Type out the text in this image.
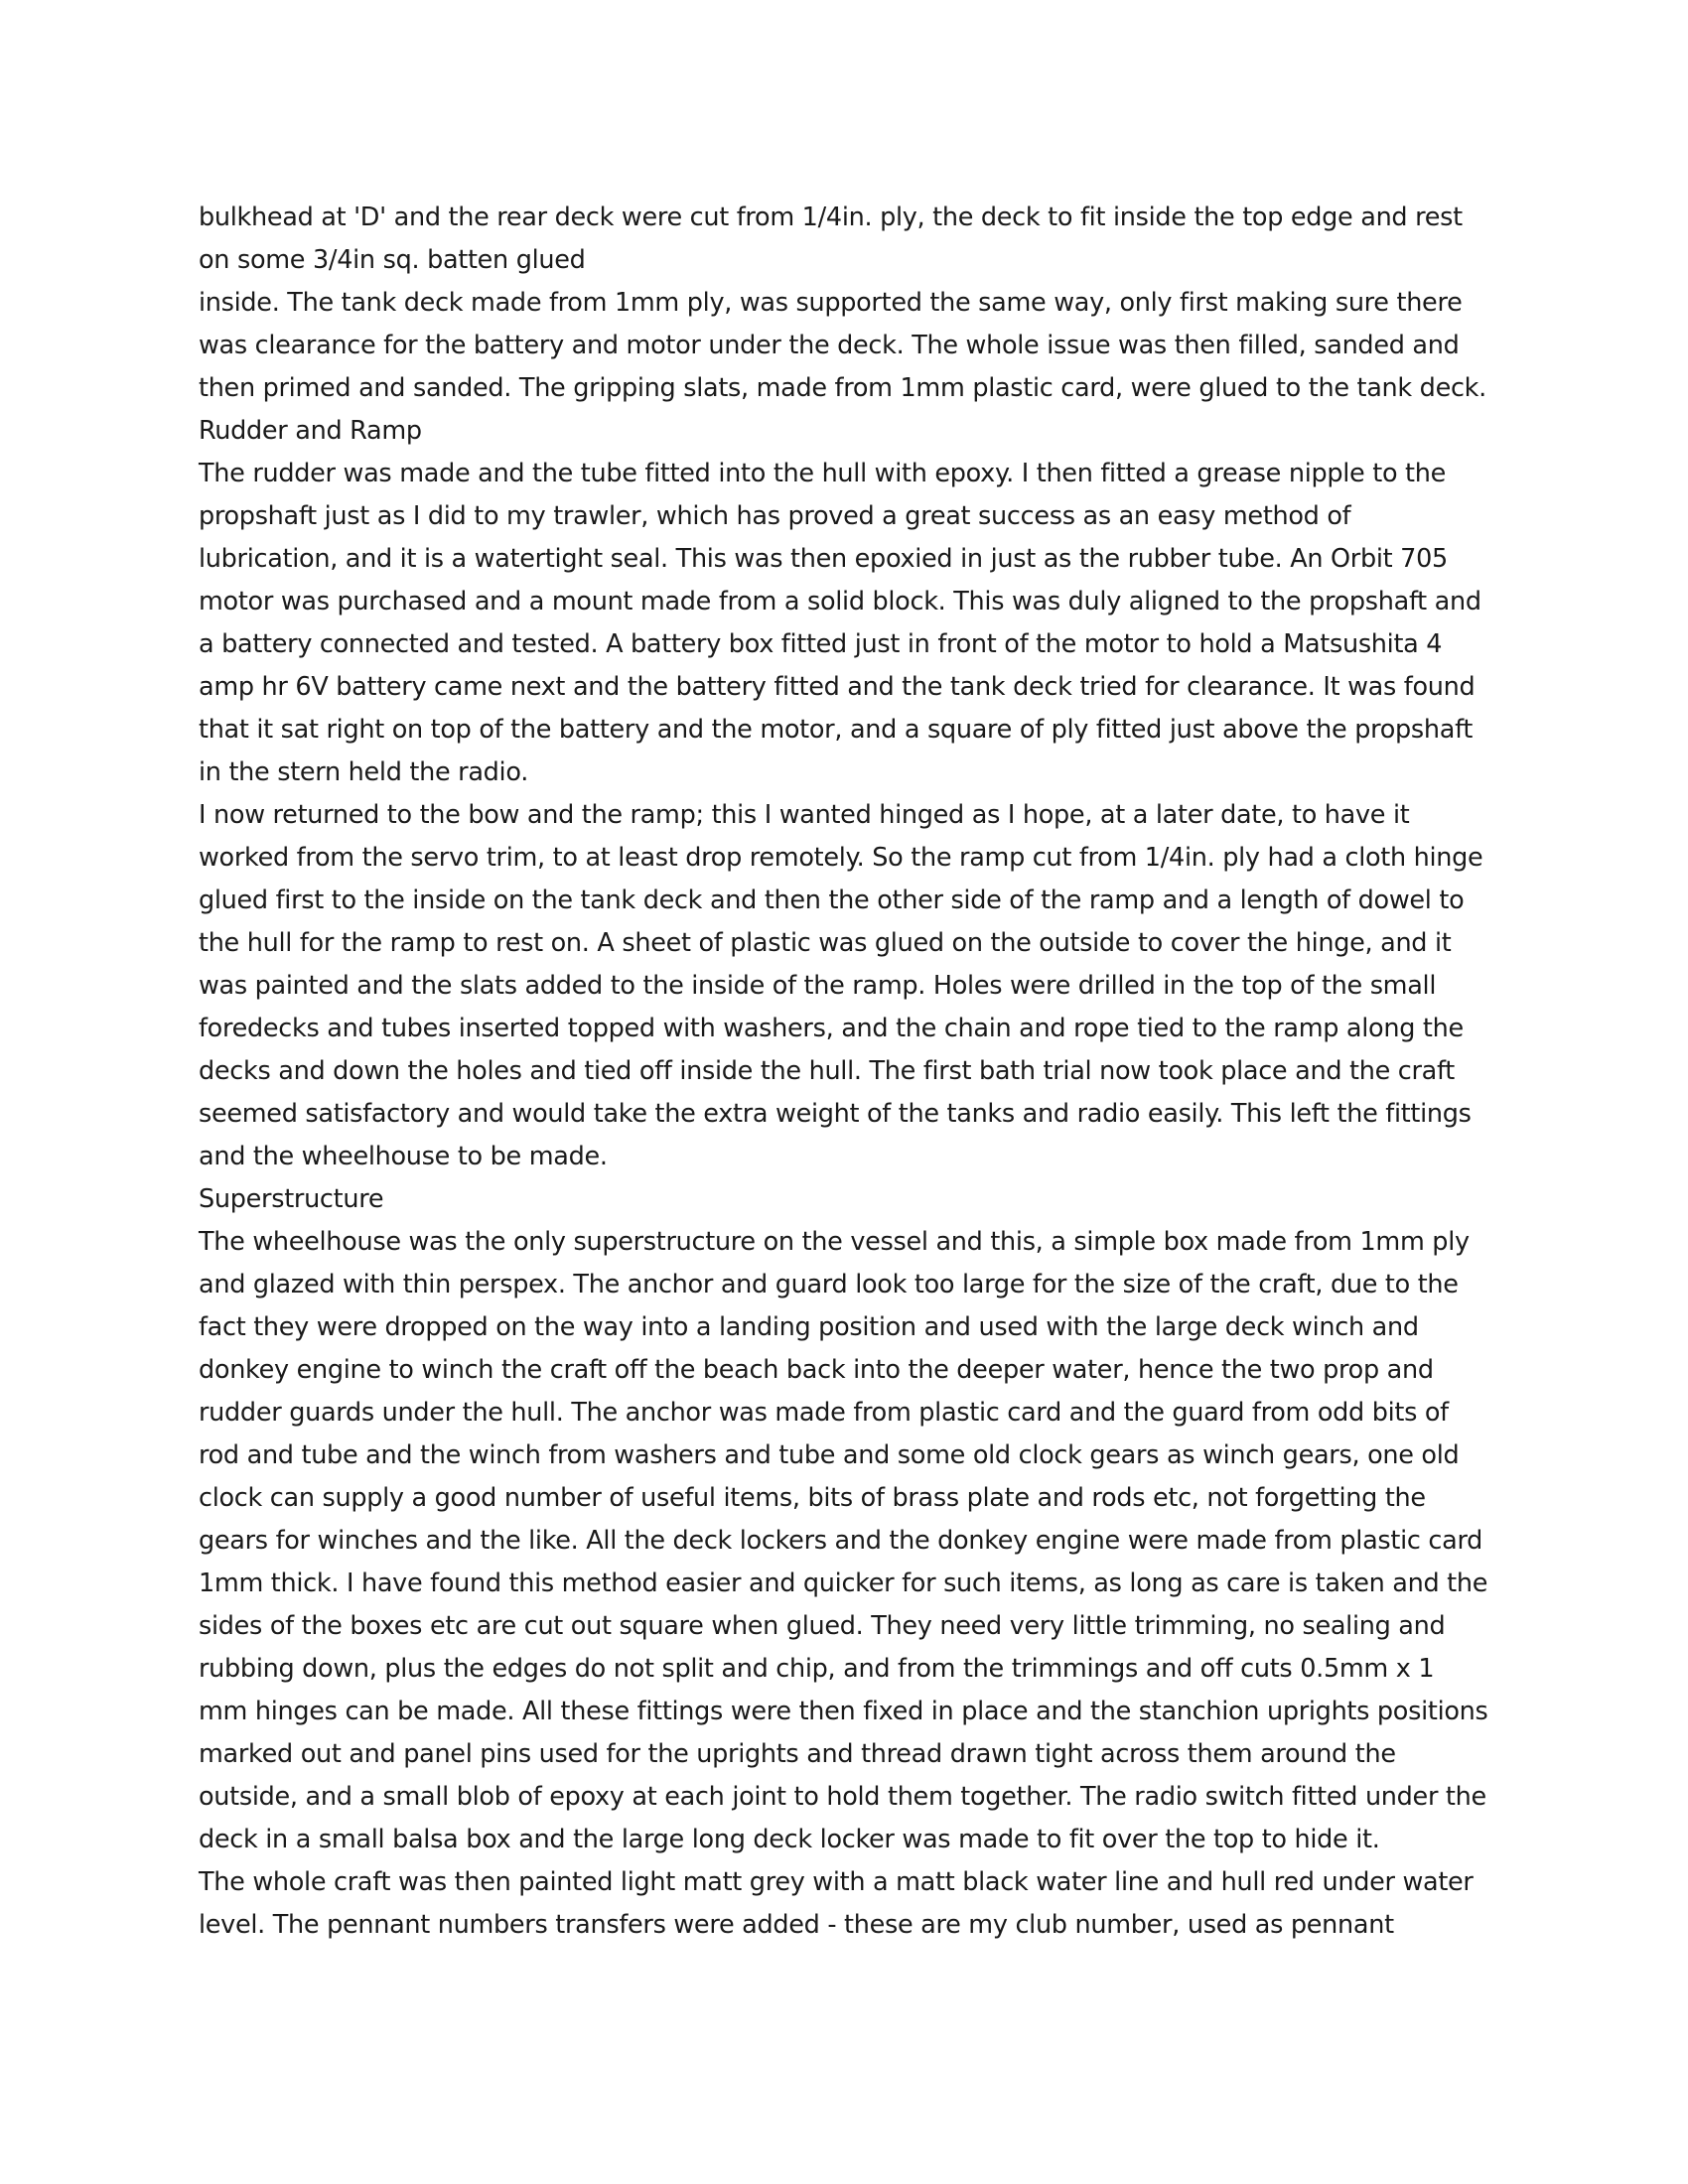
bulkhead at 'D' and the rear deck were cut from 1/4in. ply, the deck to fit inside the top edge and rest on some 3/4in sq. batten glued

inside. The tank deck made from 1mm ply, was supported the same way, only first making sure there was clearance for the battery and motor under the deck. The whole issue was then filled, sanded and then primed and sanded. The gripping slats, made from 1mm plastic card, were glued to the tank deck.

Rudder and Ramp

The rudder was made and the tube fitted into the hull with epoxy. I then fitted a grease nipple to the propshaft just as I did to my trawler, which has proved a great success as an easy method of lubrication, and it is a watertight seal. This was then epoxied in just as the rubber tube. An Orbit 705 motor was purchased and a mount made from a solid block. This was duly aligned to the propshaft and a battery connected and tested. A battery box fitted just in front of the motor to hold a Matsushita 4 amp hr 6V battery came next and the battery fitted and the tank deck tried for clearance. It was found that it sat right on top of the battery and the motor, and a square of ply fitted just above the propshaft in the stern held the radio.

I now returned to the bow and the ramp; this I wanted hinged as I hope, at a later date, to have it worked from the servo trim, to at least drop remotely. So the ramp cut from 1/4in. ply had a cloth hinge glued first to the inside on the tank deck and then the other side of the ramp and a length of dowel to the hull for the ramp to rest on. A sheet of plastic was glued on the outside to cover the hinge, and it was painted and the slats added to the inside of the ramp. Holes were drilled in the top of the small foredecks and tubes inserted topped with washers, and the chain and rope tied to the ramp along the decks and down the holes and tied off inside the hull. The first bath trial now took place and the craft seemed satisfactory and would take the extra weight of the tanks and radio easily. This left the fittings and the wheelhouse to be made.

Superstructure

The wheelhouse was the only superstructure on the vessel and this, a simple box made from 1mm ply and glazed with thin perspex. The anchor and guard look too large for the size of the craft, due to the fact they were dropped on the way into a landing position and used with the large deck winch and donkey engine to winch the craft off the beach back into the deeper water, hence the two prop and rudder guards under the hull. The anchor was made from plastic card and the guard from odd bits of rod and tube and the winch from washers and tube and some old clock gears as winch gears, one old clock can supply a good number of useful items, bits of brass plate and rods etc, not forgetting the gears for winches and the like. All the deck lockers and the donkey engine were made from plastic card 1mm thick. I have found this method easier and quicker for such items, as long as care is taken and the sides of the boxes etc are cut out square when glued. They need very little trimming, no sealing and rubbing down, plus the edges do not split and chip, and from the trimmings and off cuts 0.5mm x 1 mm hinges can be made. All these fittings were then fixed in place and the stanchion uprights positions marked out and panel pins used for the uprights and thread drawn tight across them around the outside, and a small blob of epoxy at each joint to hold them together. The radio switch fitted under the deck in a small balsa box and the large long deck locker was made to fit over the top to hide it.

The whole craft was then painted light matt grey with a matt black water line and hull red under water level. The pennant numbers transfers were added - these are my club number, used as pennant
